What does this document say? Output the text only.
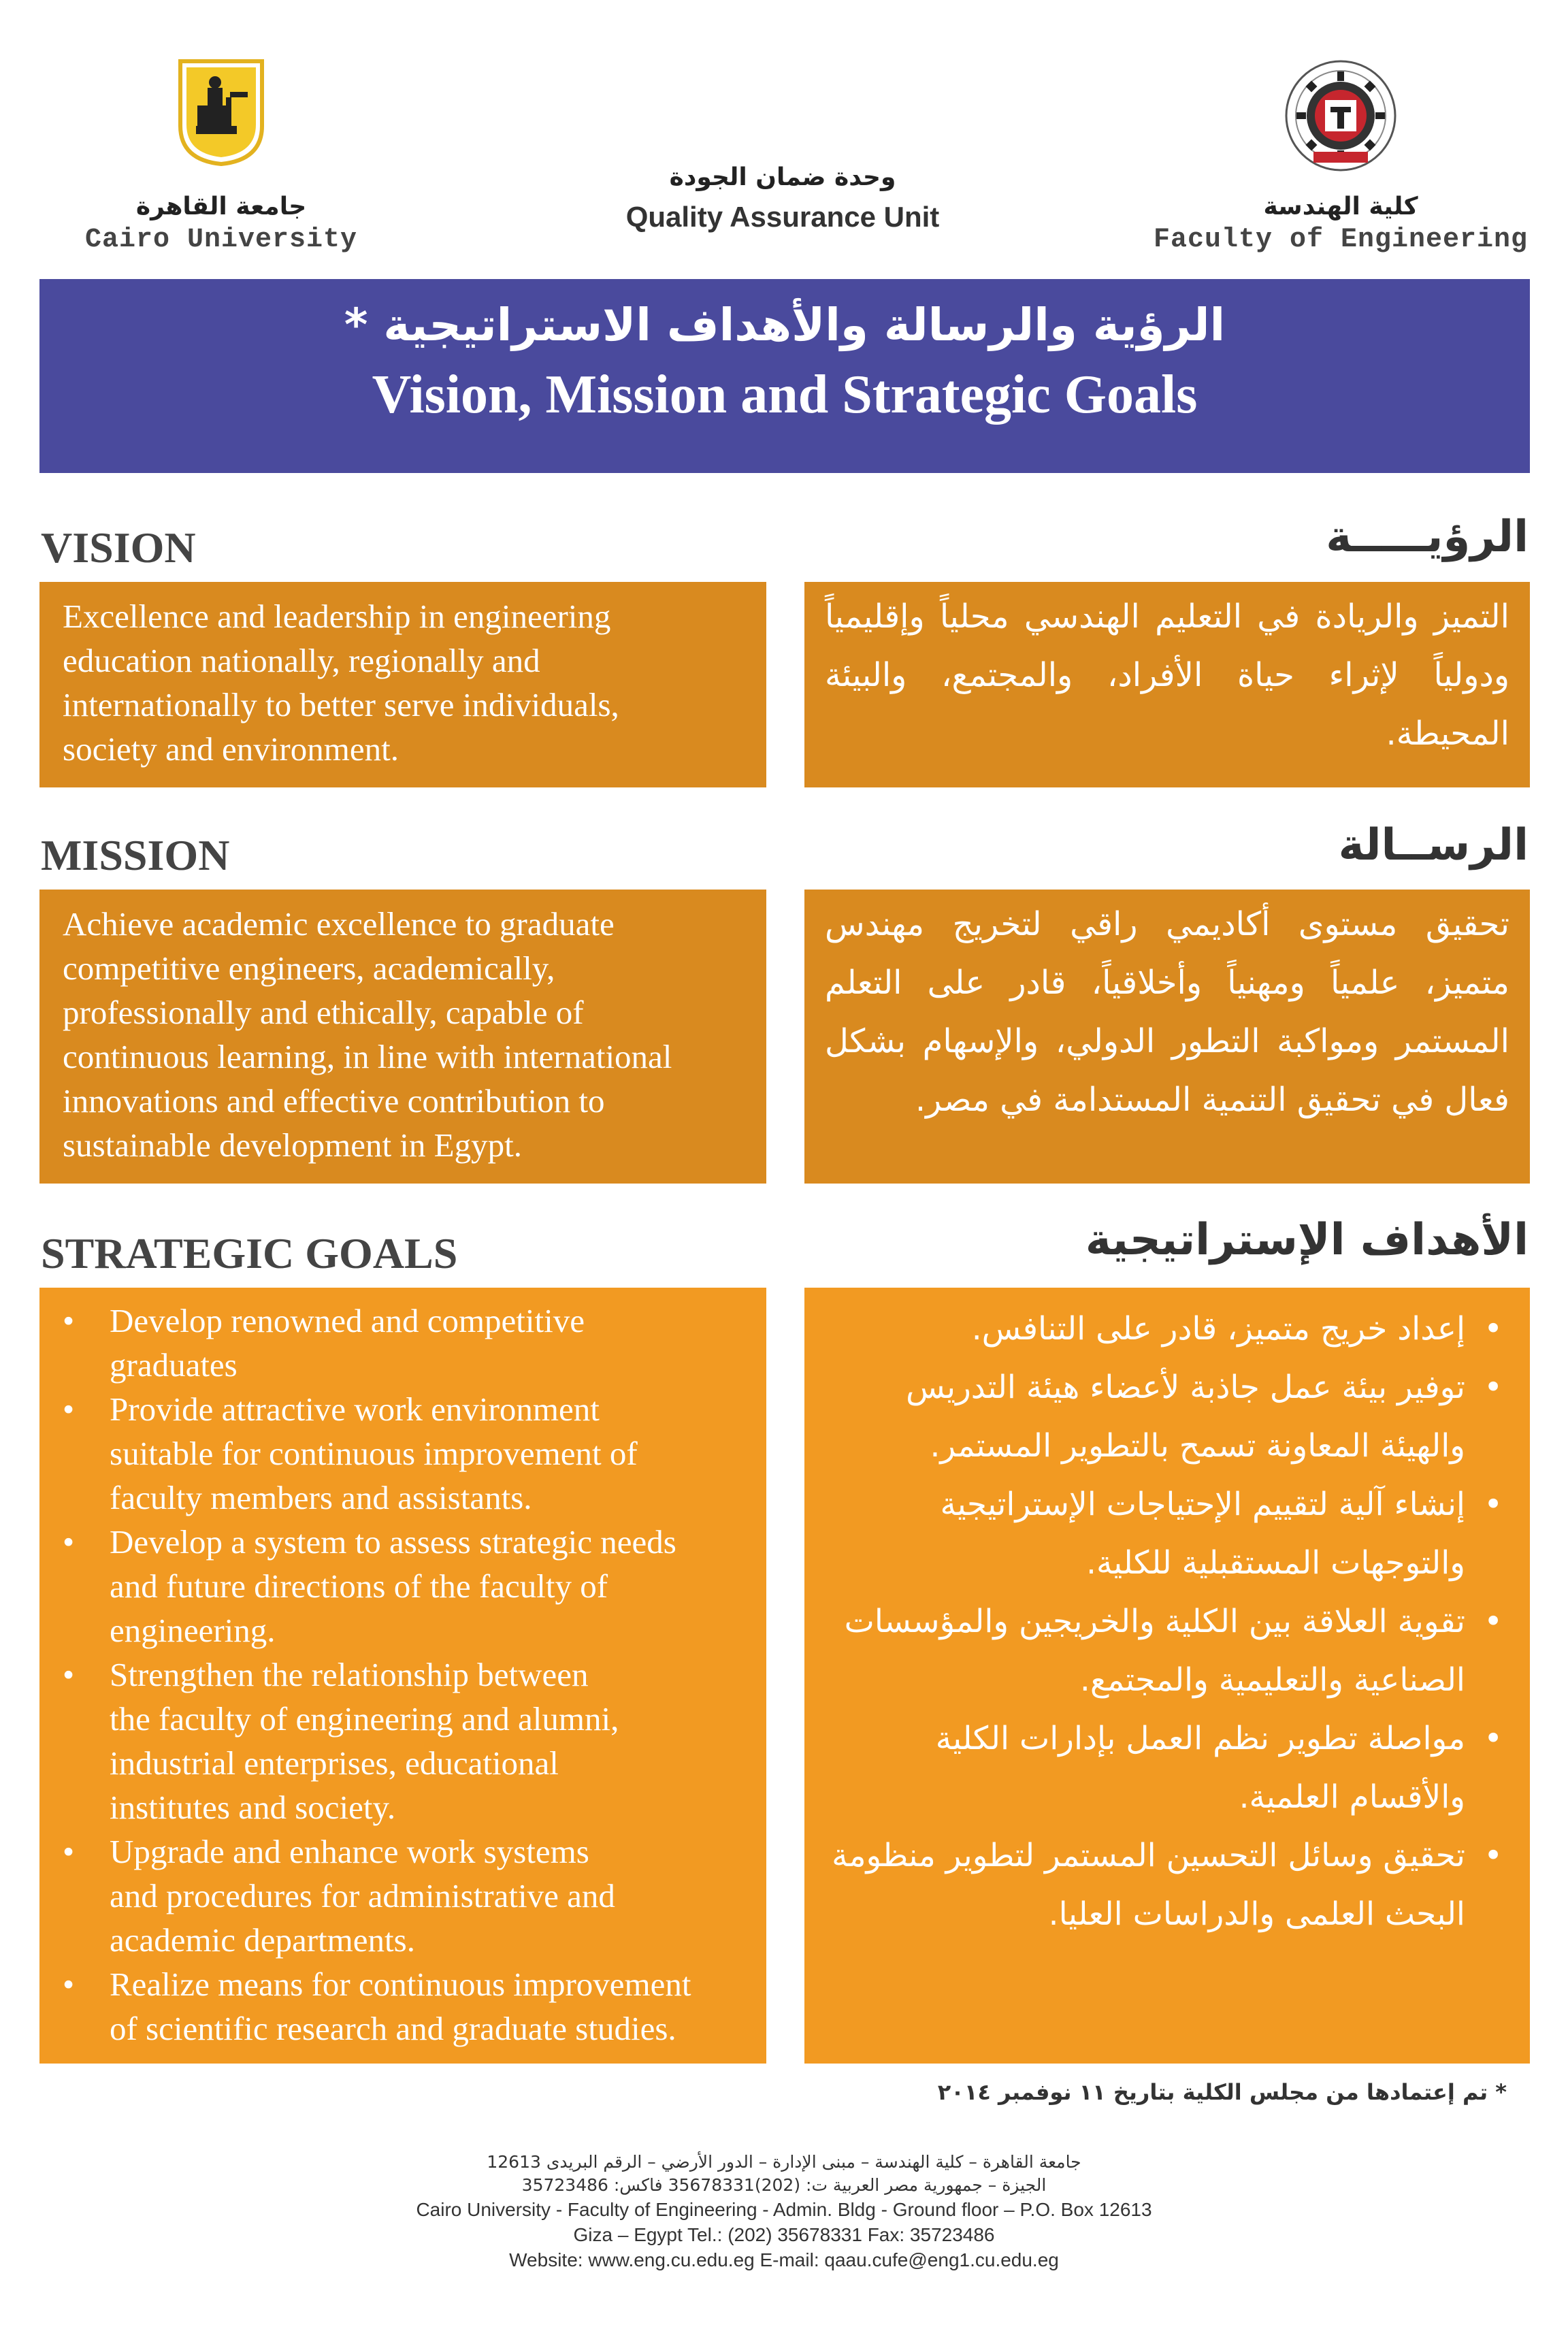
جامعة القاهرة
Cairo University
وحدة ضمان الجودة
Quality Assurance Unit	كلية الهندسة
Faculty of Engineering
الرؤية والرسالة والأهداف الاستراتيجية *
Vision, Mission and Strategic Goals
VISION	الرؤيـــــة
Excellence and leadership in engineering
education nationally, regionally and
internationally to better serve individuals,
society and environment.
التميز والريادة في التعليم الهندسي محلياً وإقليمياً ودولياً لإثراء حياة الأفراد، والمجتمع، والبيئة المحيطة.
MISSION	الرســالة
Achieve academic excellence to graduate
competitive engineers, academically,
professionally and ethically, capable of
continuous learning, in line with international
innovations and effective contribution to
sustainable development in Egypt.
تحقيق مستوى أكاديمي راقي لتخريج مهندس متميز، علمياً ومهنياً وأخلاقياً، قادر على التعلم المستمر ومواكبة التطور الدولي، والإسهام بشكل فعال في تحقيق التنمية المستدامة في مصر.
STRATEGIC GOALS	الأهداف الإستراتيجية
• Develop renowned and competitive
graduates
• Provide attractive work environment
suitable for continuous improvement of
faculty members and assistants.
• Develop a system to assess strategic needs
and future directions of the faculty of
engineering.
• Strengthen the relationship between
the faculty of engineering and alumni,
industrial enterprises, educational
institutes and society.
• Upgrade and enhance work systems
and procedures for administrative and
academic departments.
• Realize means for continuous improvement
of scientific research and graduate studies.
• إعداد خريج متميز، قادر على التنافس.
• توفير بيئة عمل جاذبة لأعضاء هيئة التدريس والهيئة المعاونة تسمح بالتطوير المستمر.
• إنشاء آلية لتقييم الإحتياجات الإستراتيجية والتوجهات المستقبلية للكلية.
• تقوية العلاقة بين الكلية والخريجين والمؤسسات الصناعية والتعليمية والمجتمع.
• مواصلة تطوير نظم العمل بإدارات الكلية والأقسام العلمية.
• تحقيق وسائل التحسين المستمر لتطوير منظومة البحث العلمى والدراسات العليا.
* تم إعتمادها من مجلس الكلية بتاريخ ١١ نوفمبر ٢٠١٤
جامعة القاهرة – كلية الهندسة – مبنى الإدارة – الدور الأرضي – الرقم البريدى 12613
الجيزة – جمهورية مصر العربية ت: (202)35678331 فاكس: 35723486
Cairo University - Faculty of Engineering - Admin. Bldg - Ground floor – P.O. Box 12613
Giza – Egypt Tel.: (202) 35678331 Fax: 35723486
Website: www.eng.cu.edu.eg E-mail: qaau.cufe@eng1.cu.edu.eg
